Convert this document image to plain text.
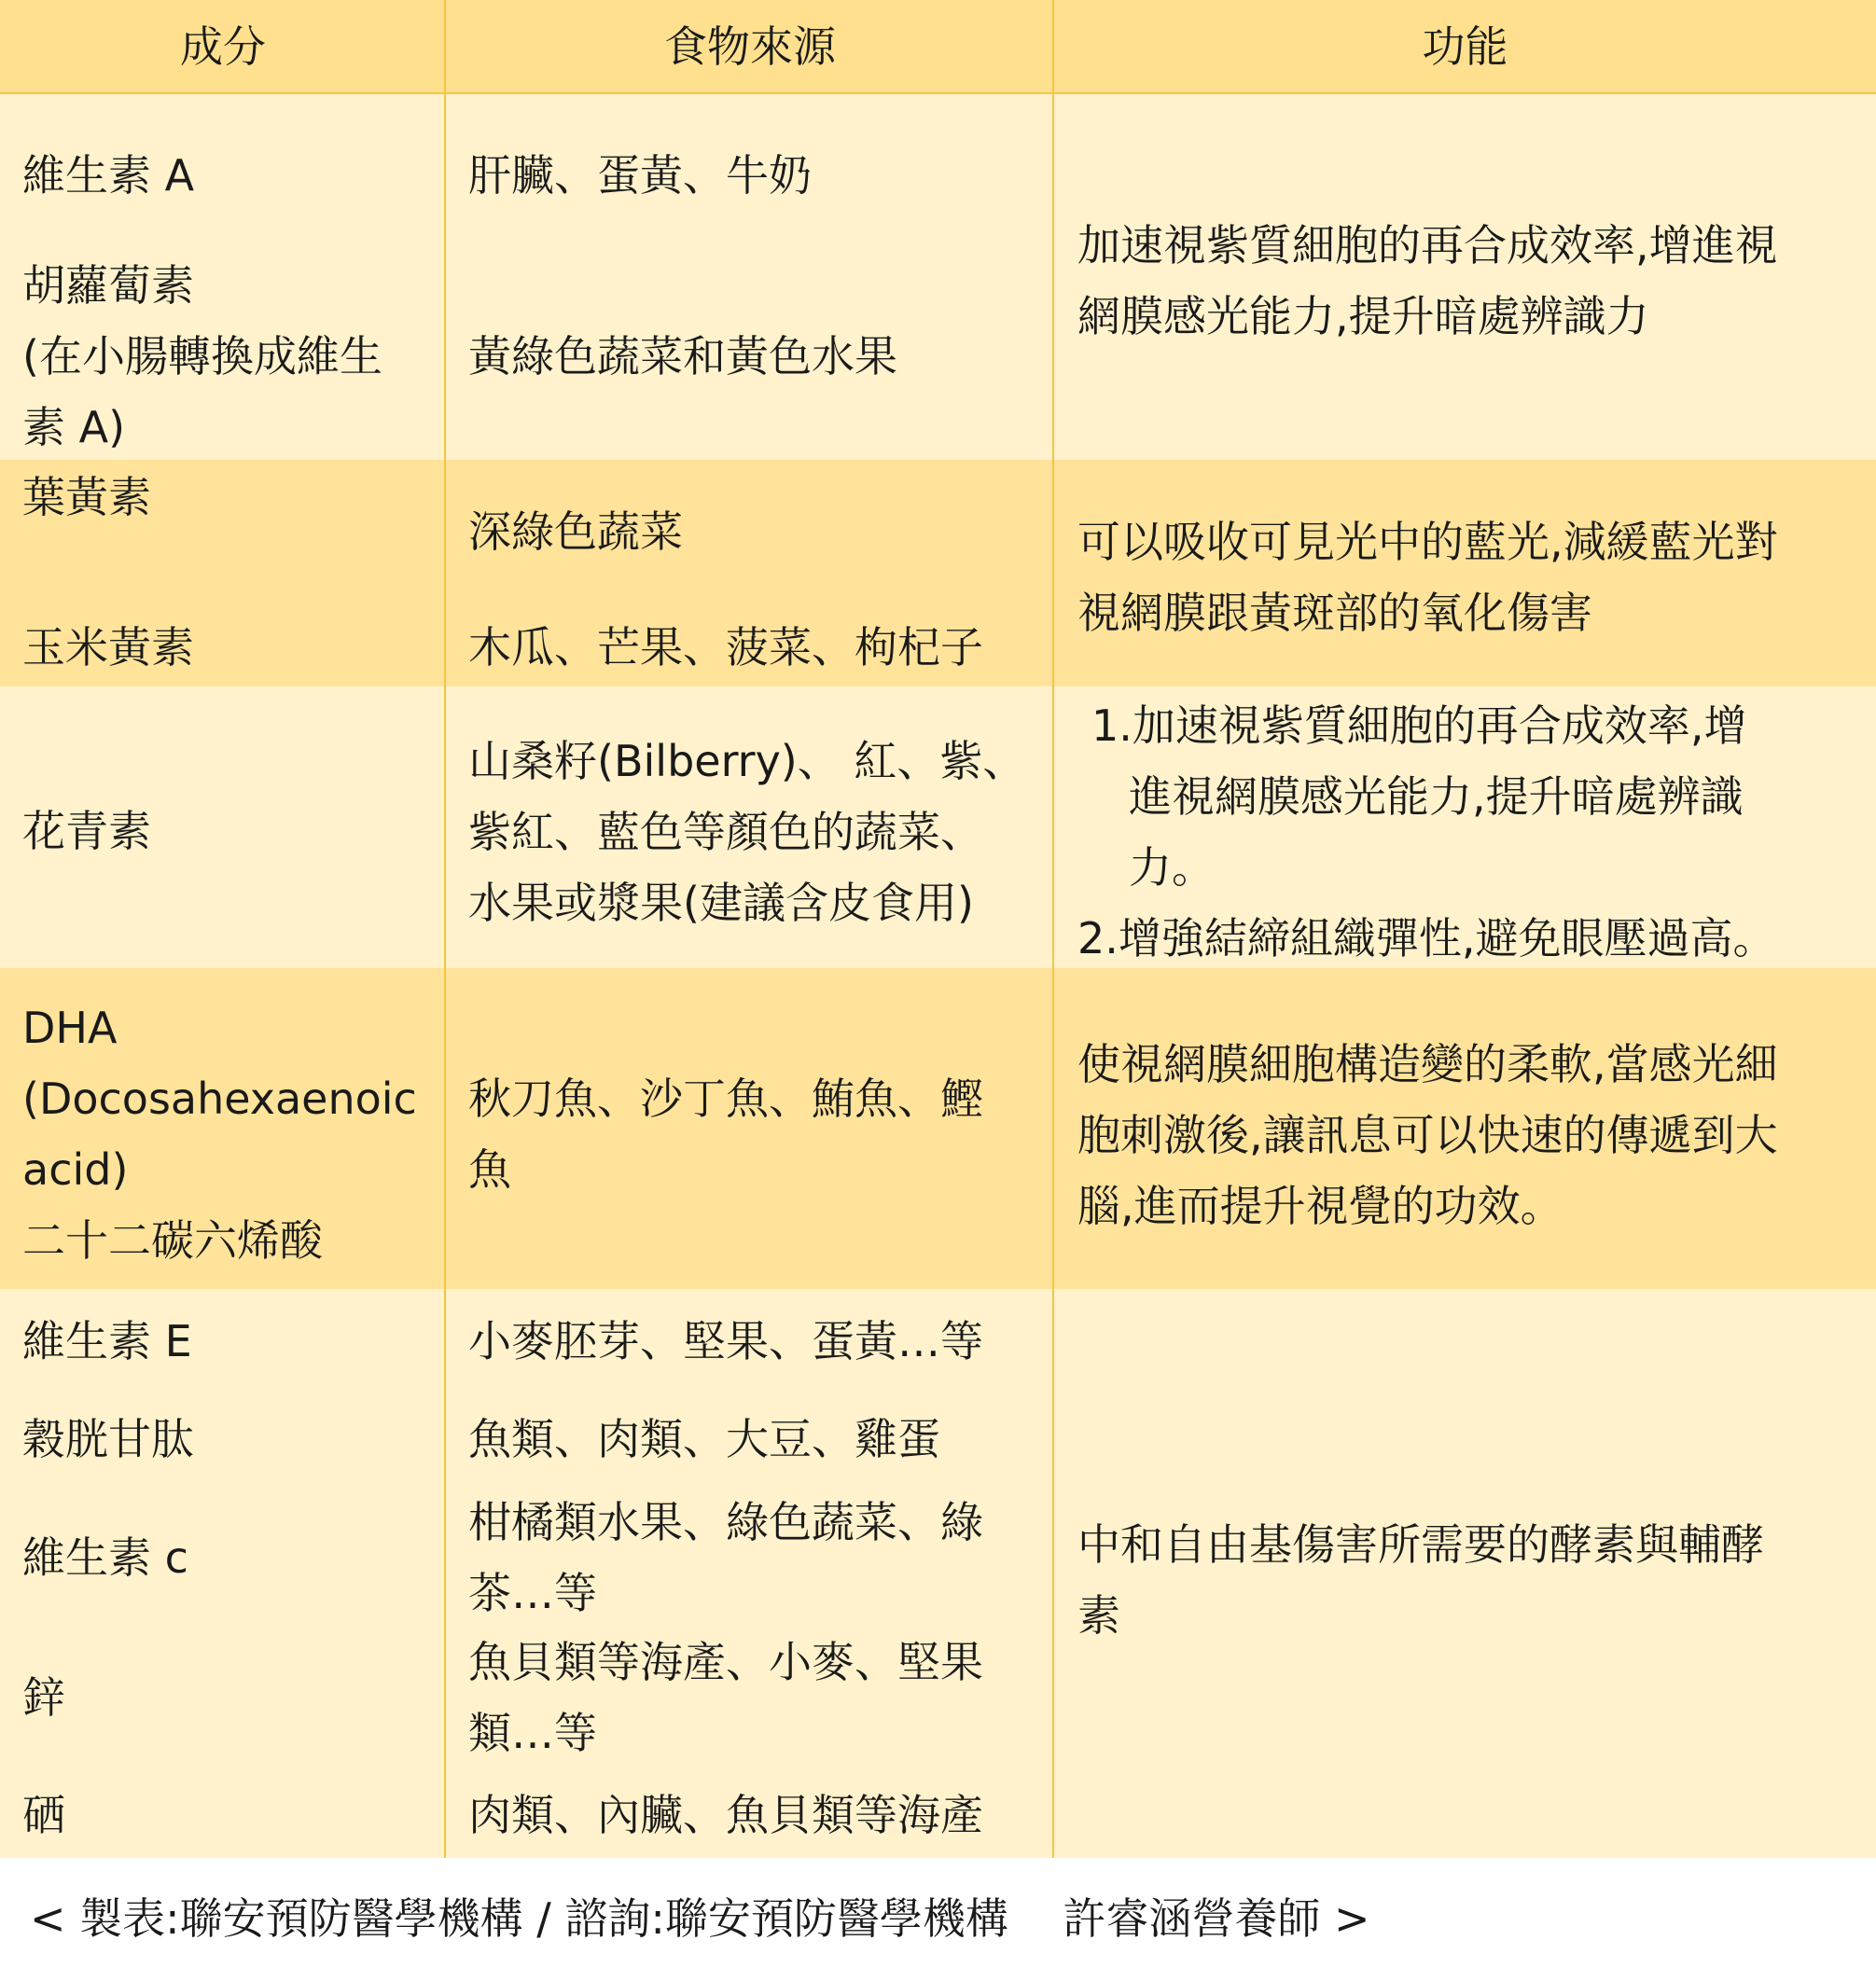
成分	食物來源	功能
維生素 A
胡蘿蔔素
(在小腸轉換成維生
素 A)
肝臟、蛋黃、牛奶
黃綠色蔬菜和黃色水果
加速視紫質細胞的再合成效率,增進視
網膜感光能力,提升暗處辨識力
葉黃素
玉米黃素
深綠色蔬菜
木瓜、芒果、菠菜、枸杞子
可以吸收可見光中的藍光,減緩藍光對
視網膜跟黃斑部的氧化傷害
花青素
山桑籽(Bilberry)、 紅、紫、
紫紅、藍色等顏色的蔬菜、
水果或漿果(建議含皮食用)
1.加速視紫質細胞的再合成效率,增
進視網膜感光能力,提升暗處辨識
力。
2.增強結締組織彈性,避免眼壓過高。
DHA
(Docosahexaenoic
acid)
二十二碳六烯酸
秋刀魚、沙丁魚、鮪魚、鰹
魚
使視網膜細胞構造變的柔軟,當感光細
胞刺激後,讓訊息可以快速的傳遞到大
腦,進而提升視覺的功效。
維生素 E
穀胱甘肽
維生素 c
鋅
硒
小麥胚芽、堅果、蛋黃…等
魚類、肉類、大豆、雞蛋
柑橘類水果、綠色蔬菜、綠
茶…等
魚貝類等海產、小麥、堅果
類…等
肉類、內臟、魚貝類等海產
中和自由基傷害所需要的酵素與輔酵
素
< 製表:聯安預防醫學機構 / 諮詢:聯安預防醫學機構    許睿涵營養師 >
